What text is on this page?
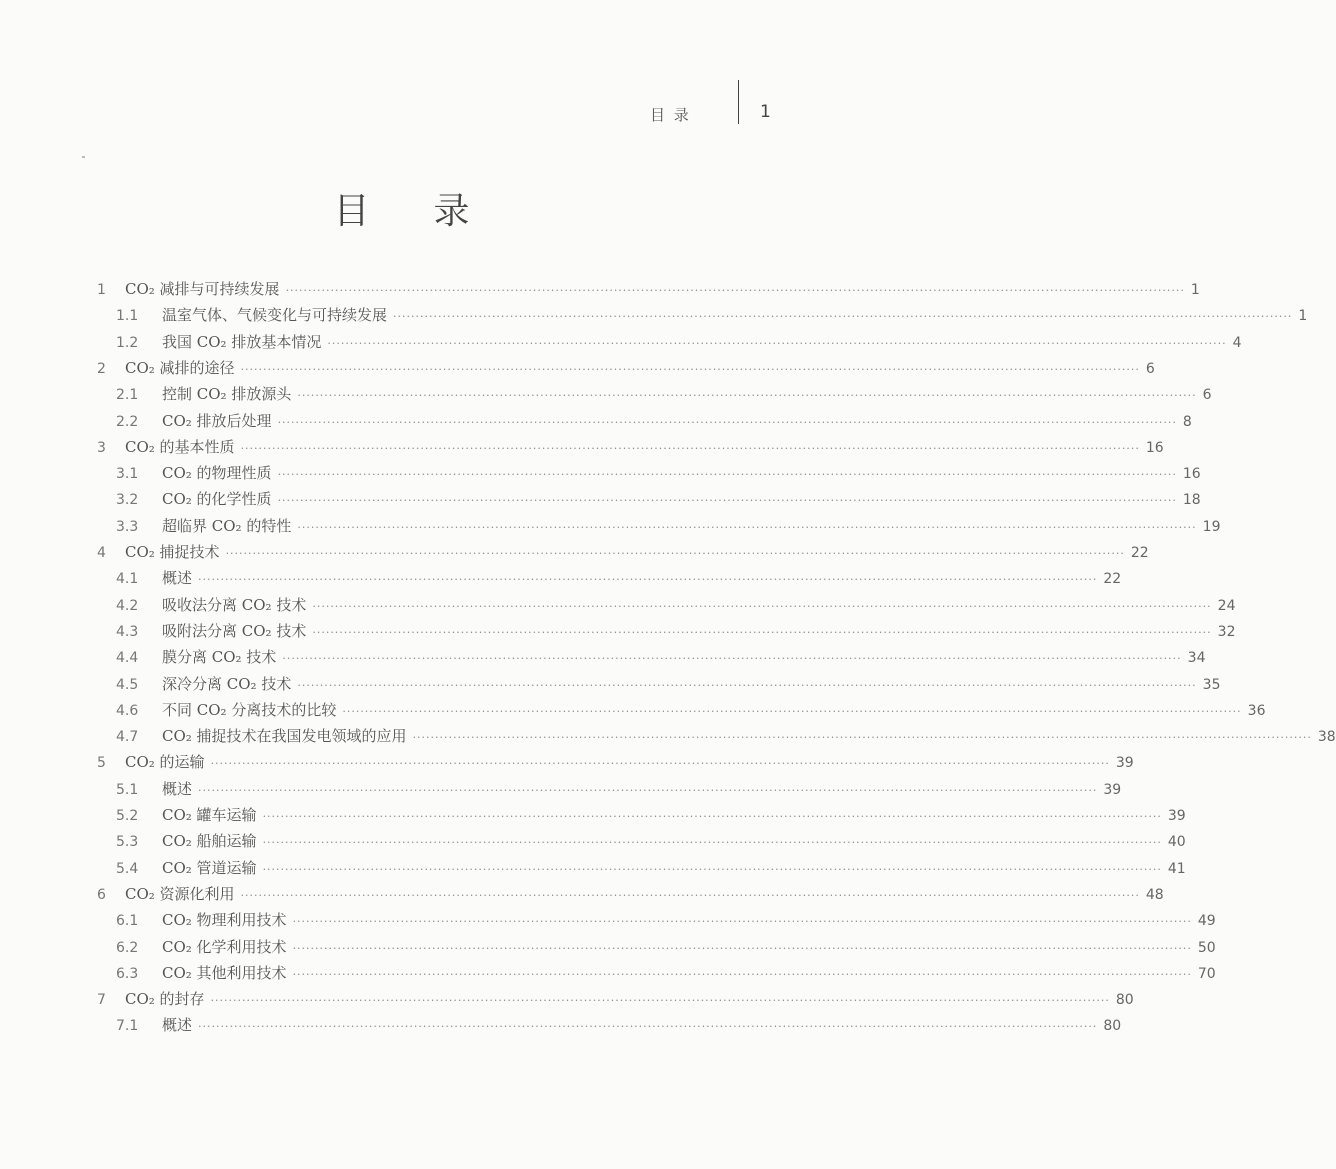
目 录	1
目录
1	CO₂ 减排与可持续发展 ········································································································································································································ 1
1.1	温室气体、气候变化与可持续发展 ········································································································································································································ 1
1.2	我国 CO₂ 排放基本情况 ········································································································································································································ 4
2	CO₂ 减排的途径 ········································································································································································································ 6
2.1	控制 CO₂ 排放源头 ········································································································································································································ 6
2.2	CO₂ 排放后处理 ········································································································································································································ 8
3	CO₂ 的基本性质 ········································································································································································································ 16
3.1	CO₂ 的物理性质 ········································································································································································································ 16
3.2	CO₂ 的化学性质 ········································································································································································································ 18
3.3	超临界 CO₂ 的特性 ········································································································································································································ 19
4	CO₂ 捕捉技术 ········································································································································································································ 22
4.1	概述 ········································································································································································································ 22
4.2	吸收法分离 CO₂ 技术 ········································································································································································································ 24
4.3	吸附法分离 CO₂ 技术 ········································································································································································································ 32
4.4	膜分离 CO₂ 技术 ········································································································································································································ 34
4.5	深冷分离 CO₂ 技术 ········································································································································································································ 35
4.6	不同 CO₂ 分离技术的比较 ········································································································································································································ 36
4.7	CO₂ 捕捉技术在我国发电领域的应用 ········································································································································································································ 38
5	CO₂ 的运输 ········································································································································································································ 39
5.1	概述 ········································································································································································································ 39
5.2	CO₂ 罐车运输 ········································································································································································································ 39
5.3	CO₂ 船舶运输 ········································································································································································································ 40
5.4	CO₂ 管道运输 ········································································································································································································ 41
6	CO₂ 资源化利用 ········································································································································································································ 48
6.1	CO₂ 物理利用技术 ········································································································································································································ 49
6.2	CO₂ 化学利用技术 ········································································································································································································ 50
6.3	CO₂ 其他利用技术 ········································································································································································································ 70
7	CO₂ 的封存 ········································································································································································································ 80
7.1	概述 ········································································································································································································ 80
